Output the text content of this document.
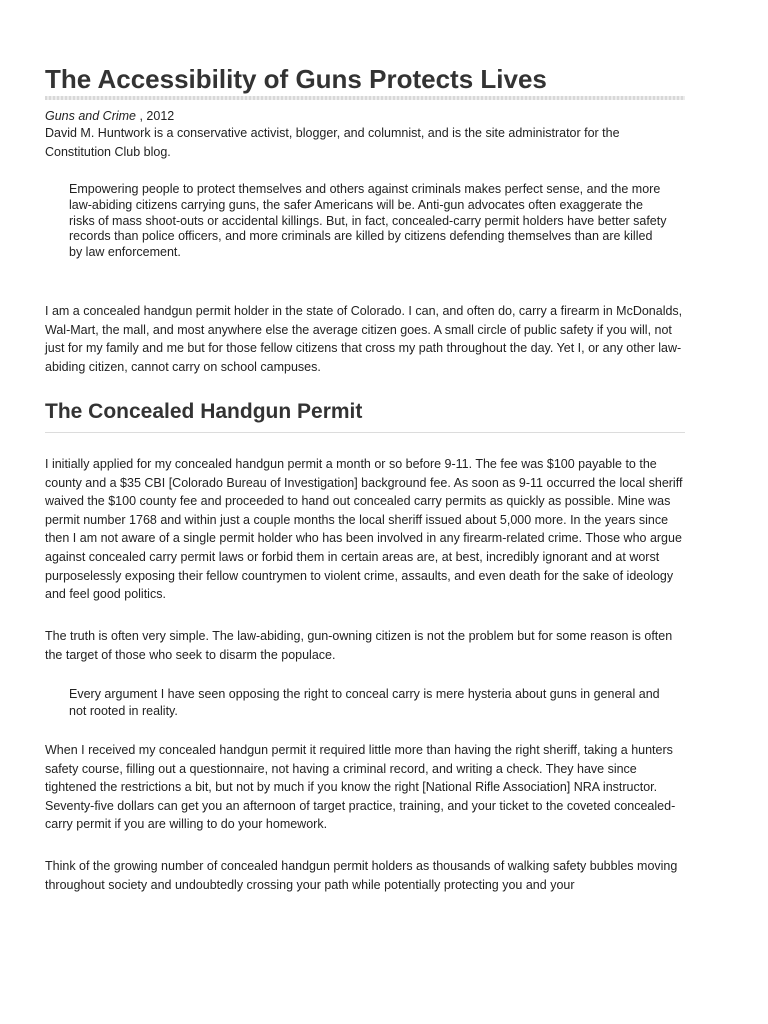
The Accessibility of Guns Protects Lives
Guns and Crime , 2012
David M. Huntwork is a conservative activist, blogger, and columnist, and is the site administrator for the Constitution Club blog.
Empowering people to protect themselves and others against criminals makes perfect sense, and the more law-abiding citizens carrying guns, the safer Americans will be. Anti-gun advocates often exaggerate the risks of mass shoot-outs or accidental killings. But, in fact, concealed-carry permit holders have better safety records than police officers, and more criminals are killed by citizens defending themselves than are killed by law enforcement.

I am a concealed handgun permit holder in the state of Colorado. I can, and often do, carry a firearm in McDonalds, Wal-Mart, the mall, and most anywhere else the average citizen goes. A small circle of public safety if you will, not just for my family and me but for those fellow citizens that cross my path throughout the day. Yet I, or any other law-abiding citizen, cannot carry on school campuses.

The Concealed Handgun Permit

I initially applied for my concealed handgun permit a month or so before 9-11. The fee was $100 payable to the county and a $35 CBI [Colorado Bureau of Investigation] background fee. As soon as 9-11 occurred the local sheriff waived the $100 county fee and proceeded to hand out concealed carry permits as quickly as possible. Mine was permit number 1768 and within just a couple months the local sheriff issued about 5,000 more. In the years since then I am not aware of a single permit holder who has been involved in any firearm-related crime. Those who argue against concealed carry permit laws or forbid them in certain areas are, at best, incredibly ignorant and at worst purposelessly exposing their fellow countrymen to violent crime, assaults, and even death for the sake of ideology and feel good politics.

The truth is often very simple. The law-abiding, gun-owning citizen is not the problem but for some reason is often the target of those who seek to disarm the populace.

Every argument I have seen opposing the right to conceal carry is mere hysteria about guns in general and not rooted in reality.

When I received my concealed handgun permit it required little more than having the right sheriff, taking a hunters safety course, filling out a questionnaire, not having a criminal record, and writing a check. They have since tightened the restrictions a bit, but not by much if you know the right [National Rifle Association] NRA instructor. Seventy-five dollars can get you an afternoon of target practice, training, and your ticket to the coveted concealed-carry permit if you are willing to do your homework.

Think of the growing number of concealed handgun permit holders as thousands of walking safety bubbles moving throughout society and undoubtedly crossing your path while potentially protecting you and your
